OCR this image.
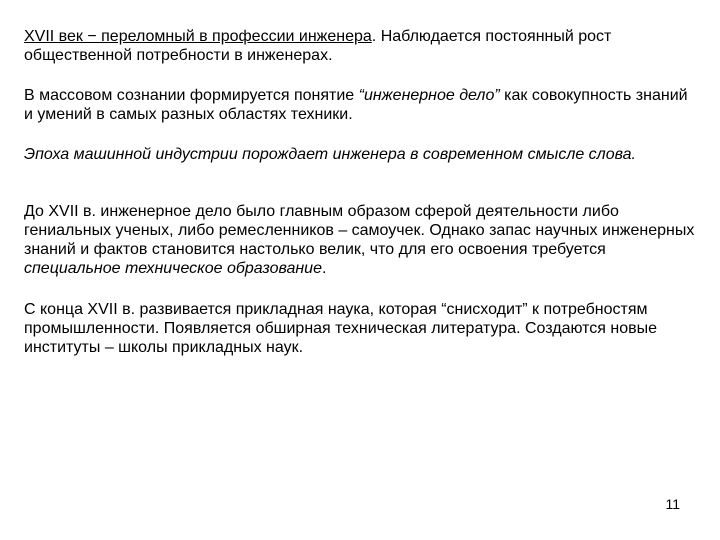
XVII век − переломный в профессии инженера. Наблюдается постоянный рост общественной потребности в инженерах.

В массовом сознании формируется понятие “инженерное дело” как совокупность знаний и умений в самых разных областях техники.

Эпоха машинной индустрии порождает инженера в современном смысле слова.

До XVII в. инженерное дело было главным образом сферой деятельности либо гениальных ученых, либо ремесленников – самоучек. Однако запас научных инженерных знаний и фактов становится настолько велик, что для его освоения требуется специальное техническое образование.

С конца XVII в. развивается прикладная наука, которая “снисходит” к потребностям промышленности. Появляется обширная техническая литература. Создаются новые институты – школы прикладных наук.

11
